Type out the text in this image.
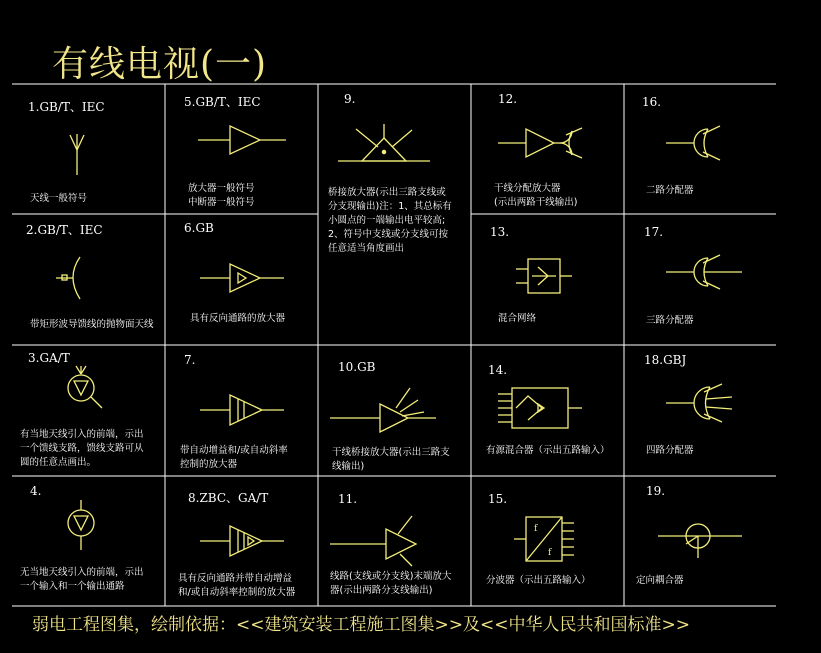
有线电视(一)
1.GB/T、IEC
天线一般符号
2.GB/T、IEC
带矩形波导馈线的抛物面天线
3.GA/T
有当地天线引入的前端，示出
一个馈线支路，馈线支路可从
圆的任意点画出。
4.
无当地天线引入的前端，示出
一个输入和一个输出通路
5.GB/T、IEC
放大器一般符号
中断器一般符号
6.GB
具有反向通路的放大器
7.
带自动增益和/或自动斜率
控制的放大器
8.ZBC、GA/T
具有反向通路并带自动增益
和/或自动斜率控制的放大器
9.
桥接放大器(示出三路支线或
分支现输出)注：1、其总标有
小圆点的一端输出电平较高;
2、符号中支线或分支线可按
任意适当角度画出
10.GB
干线桥接放大器(示出三路支
线输出)
11.
线路(支线或分支线)末端放大
器(示出两路分支线输出)
12.
干线分配放大器
(示出两路干线输出)
13.
混合网络
14.
有源混合器（示出五路输入）
15.
f
f
分波器（示出五路输入）
16.
二路分配器
17.
三路分配器
18.GBJ
四路分配器
19.
定向耦合器
弱电工程图集，绘制依据：<<建筑安装工程施工图集>>及<<中华人民共和国标准>>
